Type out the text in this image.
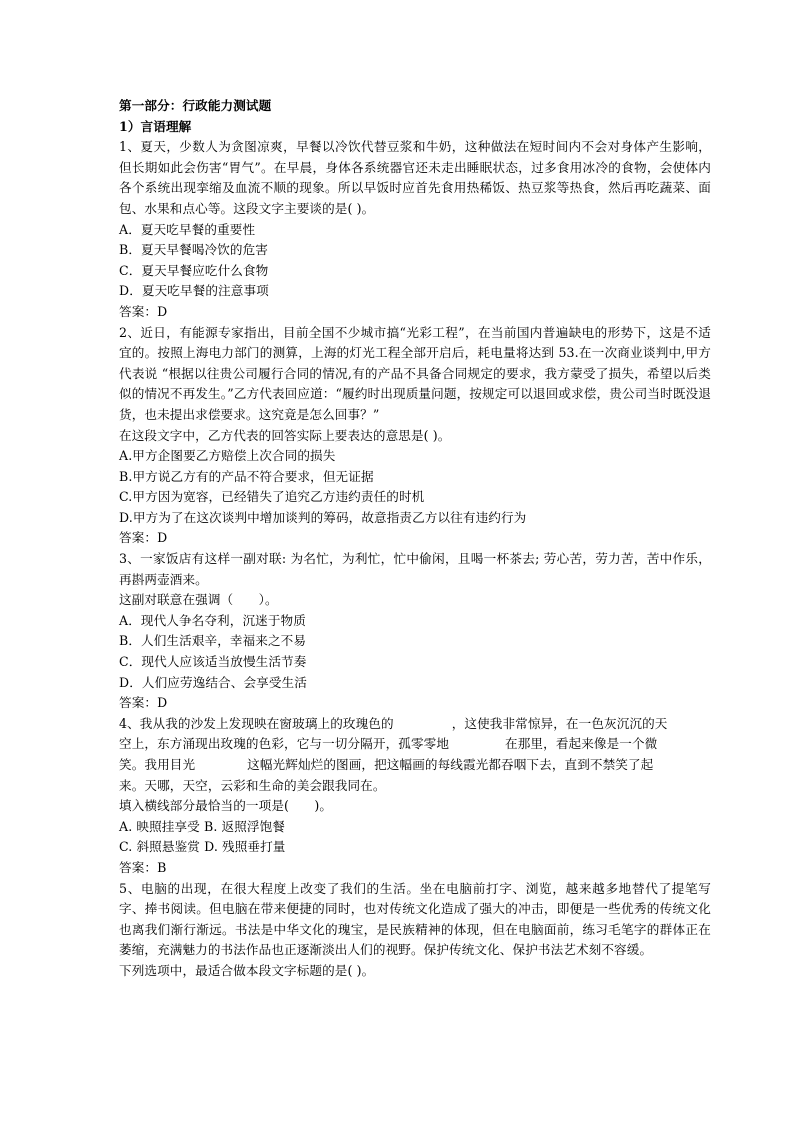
第一部分：行政能力测试题
1）言语理解
1、夏天，少数人为贪图凉爽，早餐以冷饮代替豆浆和牛奶，这种做法在短时间内不会对身体产生影响，但长期如此会伤害“胃气”。在早晨，身体各系统器官还未走出睡眠状态，过多食用冰冷的食物，会使体内各个系统出现挛缩及血流不顺的现象。所以早饭时应首先食用热稀饭、热豆浆等热食，然后再吃蔬菜、面包、水果和点心等。这段文字主要谈的是( )。
A．夏天吃早餐的重要性
B．夏天早餐喝冷饮的危害
C．夏天早餐应吃什么食物
D．夏天吃早餐的注意事项
答案：D
2、近日，有能源专家指出，目前全国不少城市搞“光彩工程”，在当前国内普遍缺电的形势下，这是不适宜的。按照上海电力部门的测算，上海的灯光工程全部开启后，耗电量将达到 53.在一次商业谈判中,甲方代表说 “根据以往贵公司履行合同的情况,有的产品不具备合同规定的要求，我方蒙受了损失，希望以后类似的情况不再发生。”乙方代表回应道：“履约时出现质量问题，按规定可以退回或求偿，贵公司当时既没退货，也未提出求偿要求。这究竟是怎么回事？”
在这段文字中，乙方代表的回答实际上要表达的意思是( )。
A.甲方企图要乙方赔偿上次合同的损失
B.甲方说乙方有的产品不符合要求，但无证据
C.甲方因为宽容，已经错失了追究乙方违约责任的时机
D.甲方为了在这次谈判中增加谈判的筹码，故意指责乙方以往有违约行为
答案：D
3、一家饭店有这样一副对联: 为名忙，为利忙，忙中偷闲，且喝一杯茶去; 劳心苦，劳力苦，苦中作乐，再斟两壶酒来。
这副对联意在强调（　　）。
A．现代人争名夺利，沉迷于物质
B．人们生活艰辛，幸福来之不易
C．现代人应该适当放慢生活节奏
D．人们应劳逸结合、会享受生活
答案：D
4、我从我的沙发上发现映在窗玻璃上的玫瑰色的	，这使我非常惊异，在一色灰沉沉的天
空上，东方涌现出玫瑰的色彩，它与一切分隔开，孤零零地	在那里，看起来像是一个微
笑。我用目光	这幅光辉灿烂的图画，把这幅画的每线霞光都吞咽下去，直到不禁笑了起
来。天哪，天空，云彩和生命的美会跟我同在。
填入横线部分最恰当的一项是(　　)。
A. 映照挂享受 B. 返照浮饱餐
C. 斜照悬鉴赏 D. 残照垂打量
答案：B
5、电脑的出现，在很大程度上改变了我们的生活。坐在电脑前打字、浏览，越来越多地替代了提笔写字、捧书阅读。但电脑在带来便捷的同时，也对传统文化造成了强大的冲击，即便是一些优秀的传统文化也离我们渐行渐远。书法是中华文化的瑰宝，是民族精神的体现，但在电脑面前，练习毛笔字的群体正在萎缩，充满魅力的书法作品也正逐渐淡出人们的视野。保护传统文化、保护书法艺术刻不容缓。
下列选项中，最适合做本段文字标题的是( )。
